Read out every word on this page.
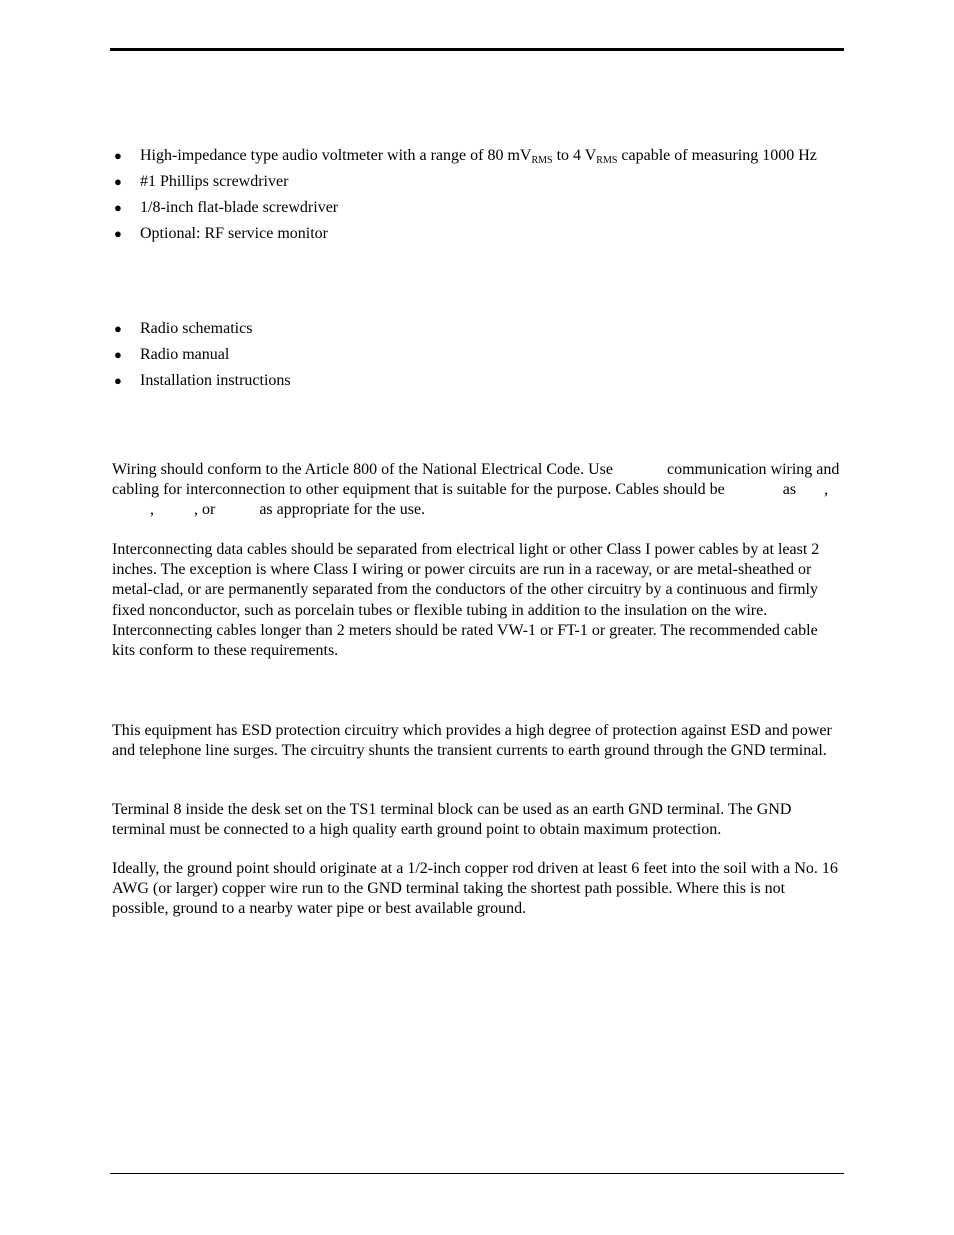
● High-impedance type audio voltmeter with a range of 80 $mV_{RMS}$ to 4 $V_{RMS}$ capable of measuring 1000 Hz
● #1 Phillips screwdriver
● 1/8-inch flat-blade screwdriver
● Optional: RF service monitor
● Radio schematics
● Radio manual
● Installation instructions

Wiring should conform to the Article 800 of the National Electrical Code. Use	communication wiring and cabling for interconnection to other equipment that is suitable for the purpose. Cables should be	as ,,	, or	as appropriate for the use.

Interconnecting data cables should be separated from electrical light or other Class I power cables by at least 2 inches. The exception is where Class I wiring or power circuits are run in a raceway, or are metal-sheathed or metal-clad, or are permanently separated from the conductors of the other circuitry by a continuous and firmly fixed nonconductor, such as porcelain tubes or flexible tubing in addition to the insulation on the wire. Interconnecting cables longer than 2 meters should be rated VW-1 or FT-1 or greater. The recommended cable kits conform to these requirements.

This equipment has ESD protection circuitry which provides a high degree of protection against ESD and power and telephone line surges. The circuitry shunts the transient currents to earth ground through the GND terminal.

Terminal 8 inside the desk set on the TS1 terminal block can be used as an earth GND terminal. The GND terminal must be connected to a high quality earth ground point to obtain maximum protection.

Ideally, the ground point should originate at a 1/2-inch copper rod driven at least 6 feet into the soil with a No. 16 AWG (or larger) copper wire run to the GND terminal taking the shortest path possible. Where this is not possible, ground to a nearby water pipe or best available ground.
